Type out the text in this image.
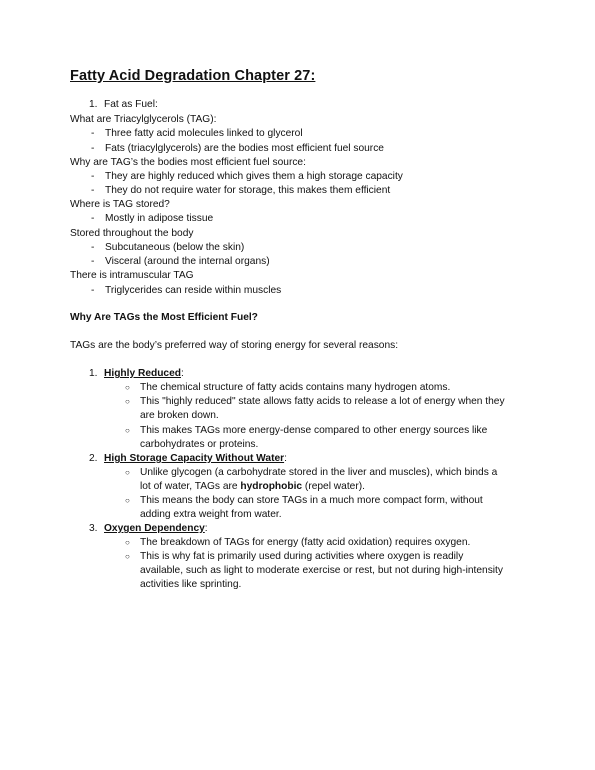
Fatty Acid Degradation Chapter 27:
1. Fat as Fuel:
What are Triacylglycerols (TAG):
- Three fatty acid molecules linked to glycerol
- Fats (triacylglycerols) are the bodies most efficient fuel source
Why are TAG’s the bodies most efficient fuel source:
- They are highly reduced which gives them a high storage capacity
- They do not require water for storage, this makes them efficient
Where is TAG stored?
- Mostly in adipose tissue
Stored throughout the body
- Subcutaneous (below the skin)
- Visceral (around the internal organs)
There is intramuscular TAG
- Triglycerides can reside within muscles
Why Are TAGs the Most Efficient Fuel?
TAGs are the body’s preferred way of storing energy for several reasons:
1. Highly Reduced:
○ The chemical structure of fatty acids contains many hydrogen atoms.
○ This "highly reduced" state allows fatty acids to release a lot of energy when they
are broken down.
○ This makes TAGs more energy-dense compared to other energy sources like
carbohydrates or proteins.
2. High Storage Capacity Without Water:
○ Unlike glycogen (a carbohydrate stored in the liver and muscles), which binds a
lot of water, TAGs are hydrophobic (repel water).
○ This means the body can store TAGs in a much more compact form, without
adding extra weight from water.
3. Oxygen Dependency:
○ The breakdown of TAGs for energy (fatty acid oxidation) requires oxygen.
○ This is why fat is primarily used during activities where oxygen is readily
available, such as light to moderate exercise or rest, but not during high-intensity
activities like sprinting.
